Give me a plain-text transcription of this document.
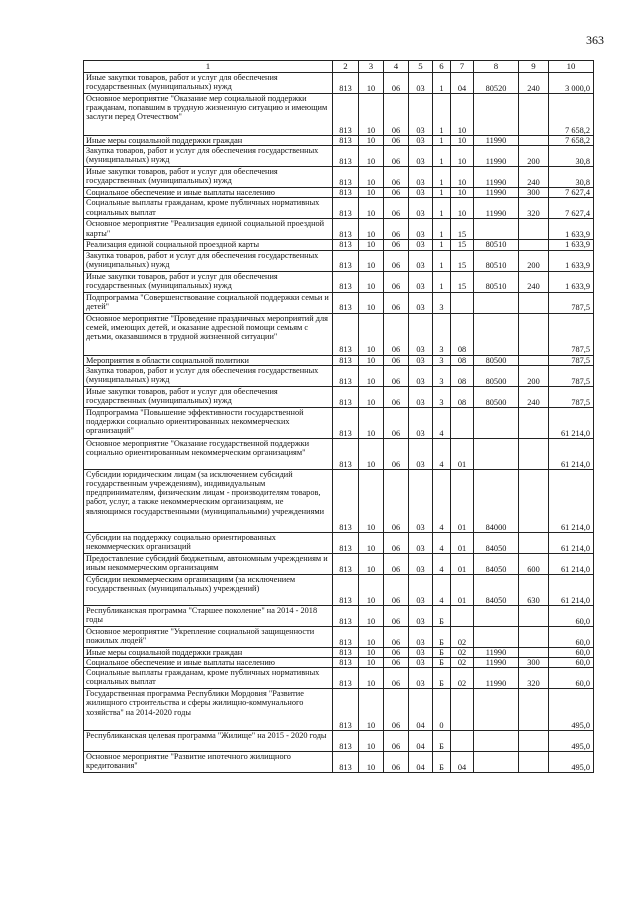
363
1	2	3	4	5	6	7	8	9	10
Иные закупки товаров, работ и услуг для обеспечения государственных (муниципальных) нужд	813	10	06	03	1	04	80520	240	3 000,0
Основное мероприятие "Оказание мер социальной поддержки гражданам, попавшим в трудную жизненную ситуацию и имеющим заслуги перед Отечеством"	813	10	06	03	1	10			7 658,2
Иные меры социальной поддержки граждан	813	10	06	03	1	10	11990		7 658,2
Закупка товаров, работ и услуг для обеспечения государственных (муниципальных) нужд	813	10	06	03	1	10	11990	200	30,8
Иные закупки товаров, работ и услуг для обеспечения государственных (муниципальных) нужд	813	10	06	03	1	10	11990	240	30,8
Социальное обеспечение и иные выплаты населению	813	10	06	03	1	10	11990	300	7 627,4
Социальные выплаты гражданам, кроме публичных нормативных социальных выплат	813	10	06	03	1	10	11990	320	7 627,4
Основное мероприятие "Реализация единой социальной проездной карты"	813	10	06	03	1	15			1 633,9
Реализация единой социальной проездной карты	813	10	06	03	1	15	80510		1 633,9
Закупка товаров, работ и услуг для обеспечения государственных (муниципальных) нужд	813	10	06	03	1	15	80510	200	1 633,9
Иные закупки товаров, работ и услуг для обеспечения государственных (муниципальных) нужд	813	10	06	03	1	15	80510	240	1 633,9
Подпрограмма "Совершенствование социальной поддержки семьи и детей"	813	10	06	03	3				787,5
Основное мероприятие "Проведение праздничных мероприятий для семей, имеющих детей, и оказание адресной помощи семьям с детьми, оказавшимся в трудной жизненной ситуации"	813	10	06	03	3	08			787,5
Мероприятия в области социальной политики	813	10	06	03	3	08	80500		787,5
Закупка товаров, работ и услуг для обеспечения государственных (муниципальных) нужд	813	10	06	03	3	08	80500	200	787,5
Иные закупки товаров, работ и услуг для обеспечения государственных (муниципальных) нужд	813	10	06	03	3	08	80500	240	787,5
Подпрограмма "Повышение эффективности государственной поддержки социально ориентированных некоммерческих организаций"	813	10	06	03	4				61 214,0
Основное мероприятие "Оказание государственной поддержки социально ориентированным некоммерческим организациям"	813	10	06	03	4	01			61 214,0
Субсидии юридическим лицам (за исключением субсидий государственным учреждениям), индивидуальным предпринимателям, физическим лицам - производителям товаров, работ, услуг, а также некоммерческим организациям, не являющимся государственными (муниципальными) учреждениями	813	10	06	03	4	01	84000		61 214,0
Субсидии на поддержку социально ориентированных некоммерческих организаций	813	10	06	03	4	01	84050		61 214,0
Предоставление субсидий бюджетным, автономным учреждениям и иным некоммерческим организациям	813	10	06	03	4	01	84050	600	61 214,0
Субсидии некоммерческим организациям (за исключением государственных (муниципальных) учреждений)	813	10	06	03	4	01	84050	630	61 214,0
Республиканская программа "Старшее поколение" на 2014 - 2018 годы	813	10	06	03	Б				60,0
Основное мероприятие "Укрепление социальной защищенности пожилых людей"	813	10	06	03	Б	02			60,0
Иные меры социальной поддержки граждан	813	10	06	03	Б	02	11990		60,0
Социальное обеспечение и иные выплаты населению	813	10	06	03	Б	02	11990	300	60,0
Социальные выплаты гражданам, кроме публичных нормативных социальных выплат	813	10	06	03	Б	02	11990	320	60,0
Государственная программа Республики Мордовия "Развитие жилищного строительства и сферы жилищно-коммунального хозяйства" на 2014-2020 годы	813	10	06	04	0				495,0
Республиканская целевая программа "Жилище" на 2015 - 2020 годы	813	10	06	04	Б				495,0
Основное мероприятие "Развитие ипотечного жилищного кредитования"	813	10	06	04	Б	04			495,0
